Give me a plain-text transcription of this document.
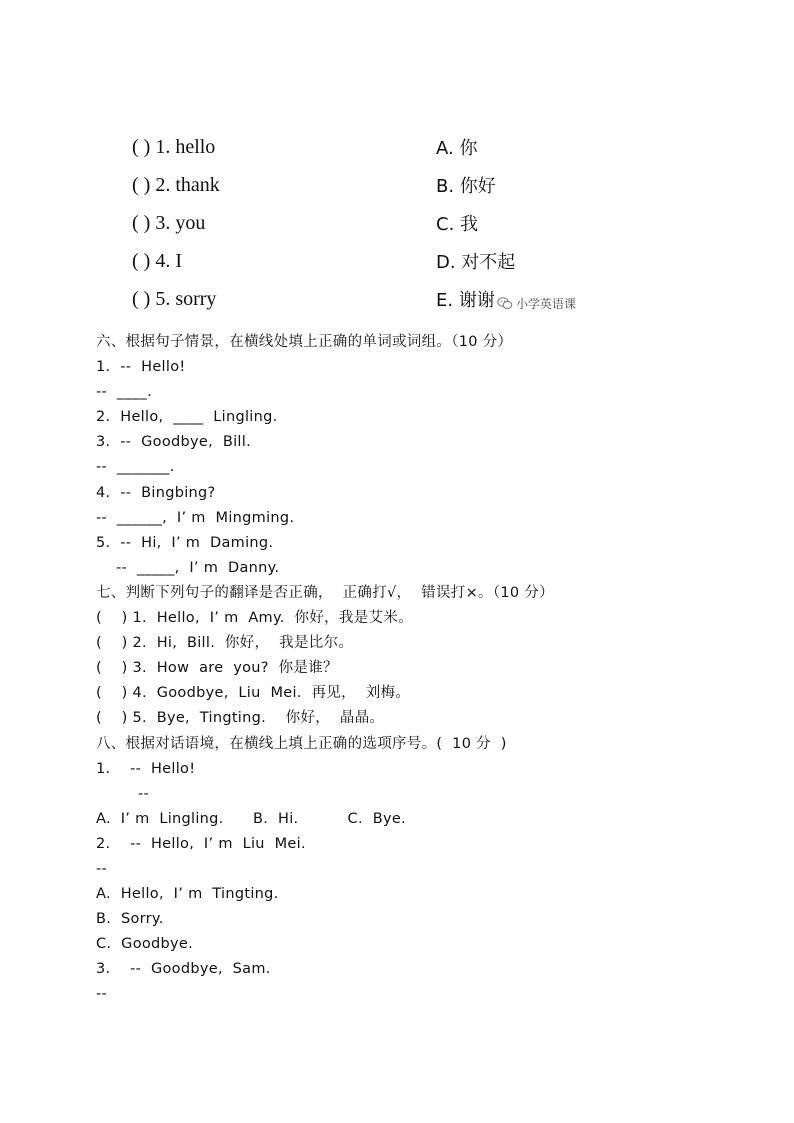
( ) 1. hello
( ) 2. thank
( ) 3. you
( ) 4. I
( ) 5. sorry
A. 你
B. 你好
C. 我
D. 对不起
E. 谢谢	小学英语课
六、根据句子情景，在横线处填上正确的单词或词组。（10 分）
1.  --  Hello!
--  ____.
2.  Hello,  ____  Lingling.
3.  --  Goodbye,  Bill.
--  _______.
4.  --  Bingbing?
--  ______,  I’ m  Mingming.
5.  --  Hi,  I’ m  Daming.
--  _____,  I’ m  Danny.
七、判断下列句子的翻译是否正确，  正确打√，  错误打×。（10 分）
(    ) 1.  Hello,  I’ m  Amy.  你好，我是艾米。
(    ) 2.  Hi,  Bill.  你好，  我是比尔。
(    ) 3.  How  are  you?  你是谁？
(    ) 4.  Goodbye,  Liu  Mei.  再见，  刘梅。
(    ) 5.  Bye,  Tingting.    你好，  晶晶。
八、根据对话语境，在横线上填上正确的选项序号。(  10 分  )
1.    --  Hello!
--
A.  I’ m  Lingling.      B.  Hi.          C.  Bye.
2.    --  Hello,  I’ m  Liu  Mei.
--
A.  Hello,  I’ m  Tingting.
B.  Sorry.
C.  Goodbye.
3.    --  Goodbye,  Sam.
--
